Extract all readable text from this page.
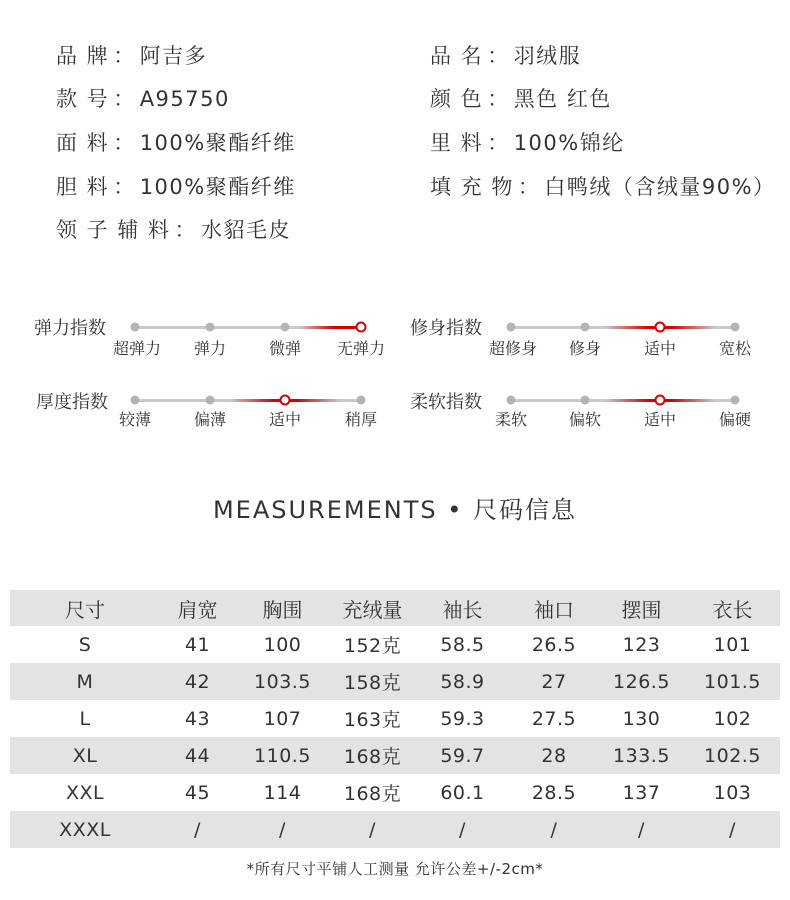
品 牌 ： 阿吉多	品 名 ： 羽绒服
款 号 ： A95750	颜 色 ： 黑色 红色
面 料 ： 100%聚酯纤维	里 料 ： 100%锦纶
胆 料 ： 100%聚酯纤维	填 充 物 ： 白鸭绒（含绒量90%）
领 子 辅 料 ： 水貂毛皮
弹力指数
超弹力 弹力	微弹 无弹力
修身指数
超修身 修身	适中	宽松
厚度指数
较薄	偏薄	适中	稍厚
柔软指数
柔软	偏软	适中	偏硬
MEASUREMENTS • 尺码信息
尺寸	肩宽	胸围	充绒量	袖长	袖口	摆围	衣长
S	41	100	152克	58.5	26.5	123	101
M	42	103.5	158克	58.9	27	126.5	101.5
L	43	107	163克	59.3	27.5	130	102
XL	44	110.5	168克	59.7	28	133.5	102.5
XXL	45	114	168克	60.1	28.5	137	103
XXXL	/	/	/	/	/	/	/
*所有尺寸平铺人工测量 允许公差+/-2cm*
